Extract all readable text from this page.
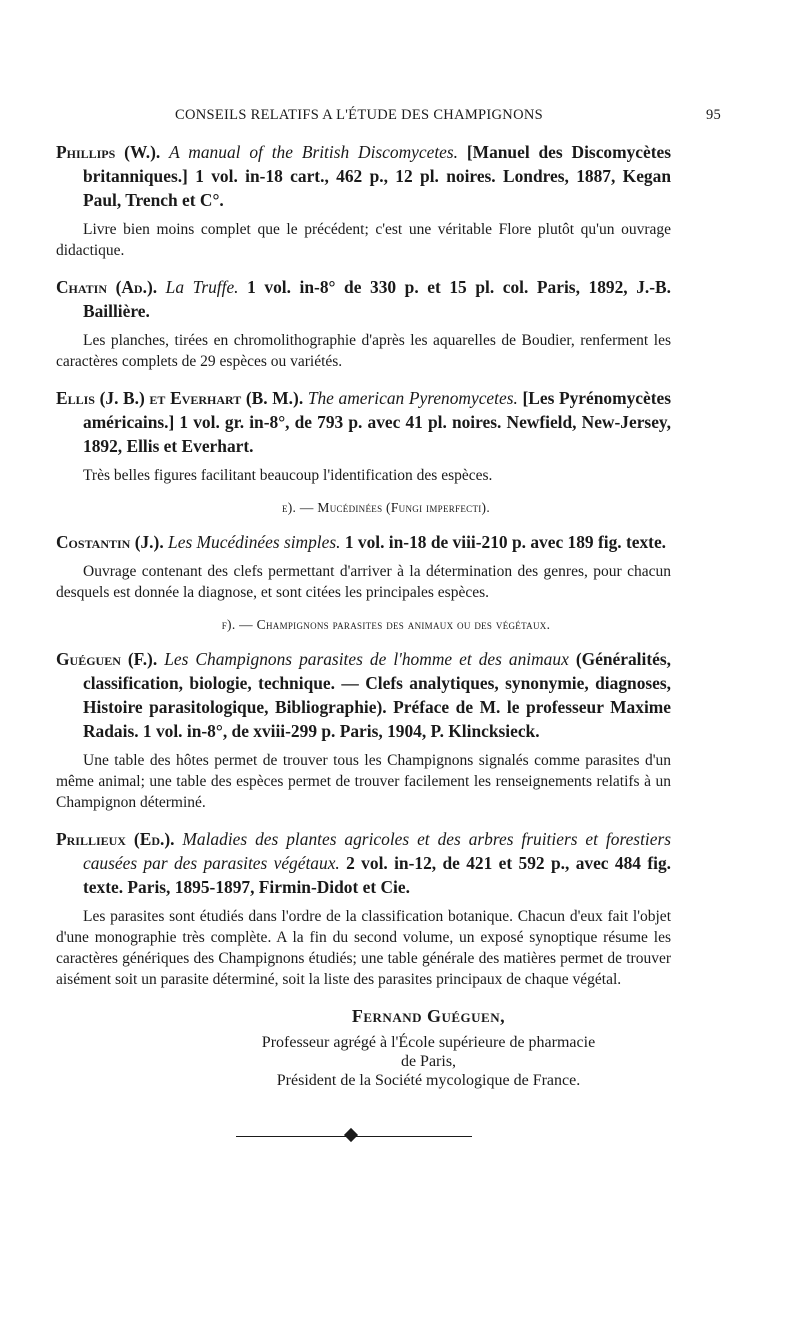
CONSEILS RELATIFS A L'ÉTUDE DES CHAMPIGNONS	95

Phillips (W.). A manual of the British Discomycetes. [Manuel des Discomycètes britanniques.] 1 vol. in-18 cart., 462 p., 12 pl. noires. Londres, 1887, Kegan Paul, Trench et C°.

Livre bien moins complet que le précédent; c'est une véritable Flore plutôt qu'un ouvrage didactique.

Chatin (Ad.). La Truffe. 1 vol. in-8° de 330 p. et 15 pl. col. Paris, 1892, J.-B. Baillière.

Les planches, tirées en chromolithographie d'après les aquarelles de Boudier, renferment les caractères complets de 29 espèces ou variétés.

Ellis (J. B.) et Everhart (B. M.). The american Pyrenomycetes. [Les Pyrénomycètes américains.] 1 vol. gr. in-8°, de 793 p. avec 41 pl. noires. Newfield, New-Jersey, 1892, Ellis et Everhart.

Très belles figures facilitant beaucoup l'identification des espèces.

e). — Mucédinées (Fungi imperfecti).

Costantin (J.). Les Mucédinées simples. 1 vol. in-18 de viii-210 p. avec 189 fig. texte.

Ouvrage contenant des clefs permettant d'arriver à la détermination des genres, pour chacun desquels est donnée la diagnose, et sont citées les principales espèces.

f). — Champignons parasites des animaux ou des végétaux.

Guéguen (F.). Les Champignons parasites de l'homme et des animaux (Généralités, classification, biologie, technique. — Clefs analytiques, synonymie, diagnoses, Histoire parasitologique, Bibliographie). Préface de M. le professeur Maxime Radais. 1 vol. in-8°, de xviii-299 p. Paris, 1904, P. Klincksieck.

Une table des hôtes permet de trouver tous les Champignons signalés comme parasites d'un même animal; une table des espèces permet de trouver facilement les renseignements relatifs à un Champignon déterminé.

Prillieux (Ed.). Maladies des plantes agricoles et des arbres fruitiers et forestiers causées par des parasites végétaux. 2 vol. in-12, de 421 et 592 p., avec 484 fig. texte. Paris, 1895-1897, Firmin-Didot et Cie.

Les parasites sont étudiés dans l'ordre de la classification botanique. Chacun d'eux fait l'objet d'une monographie très complète. A la fin du second volume, un exposé synoptique résume les caractères génériques des Champignons étudiés; une table générale des matières permet de trouver aisément soit un parasite déterminé, soit la liste des parasites principaux de chaque végétal.

Fernand Guéguen,
Professeur agrégé à l'École supérieure de pharmacie
de Paris,
Président de la Société mycologique de France.
